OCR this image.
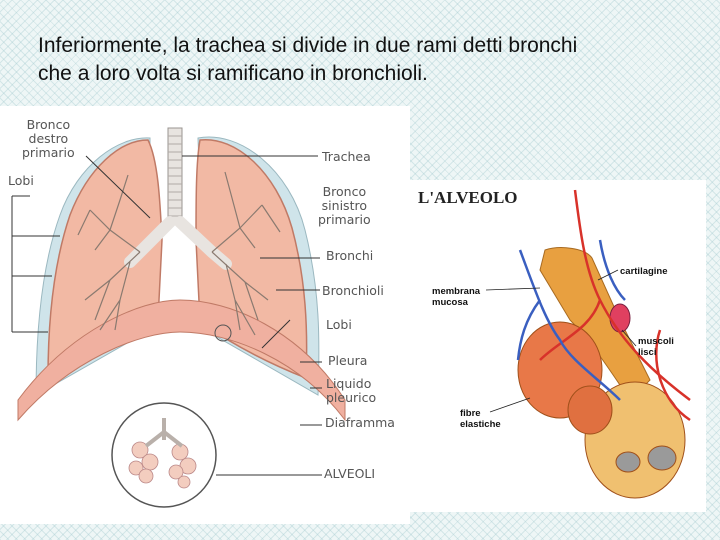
Inferiormente, la trachea si divide in due rami detti bronchi
che a loro volta si ramificano in bronchioli.
Bronco
destro
primario
Lobi
Trachea
Bronco
sinistro
primario
Bronchi
Bronchioli
Lobi
Pleura
Liquido
pleurico
Diaframma
ALVEOLI
L'ALVEOLO
cartilagine
membrana
mucosa
muscoli
lisci
fibre
elastiche
